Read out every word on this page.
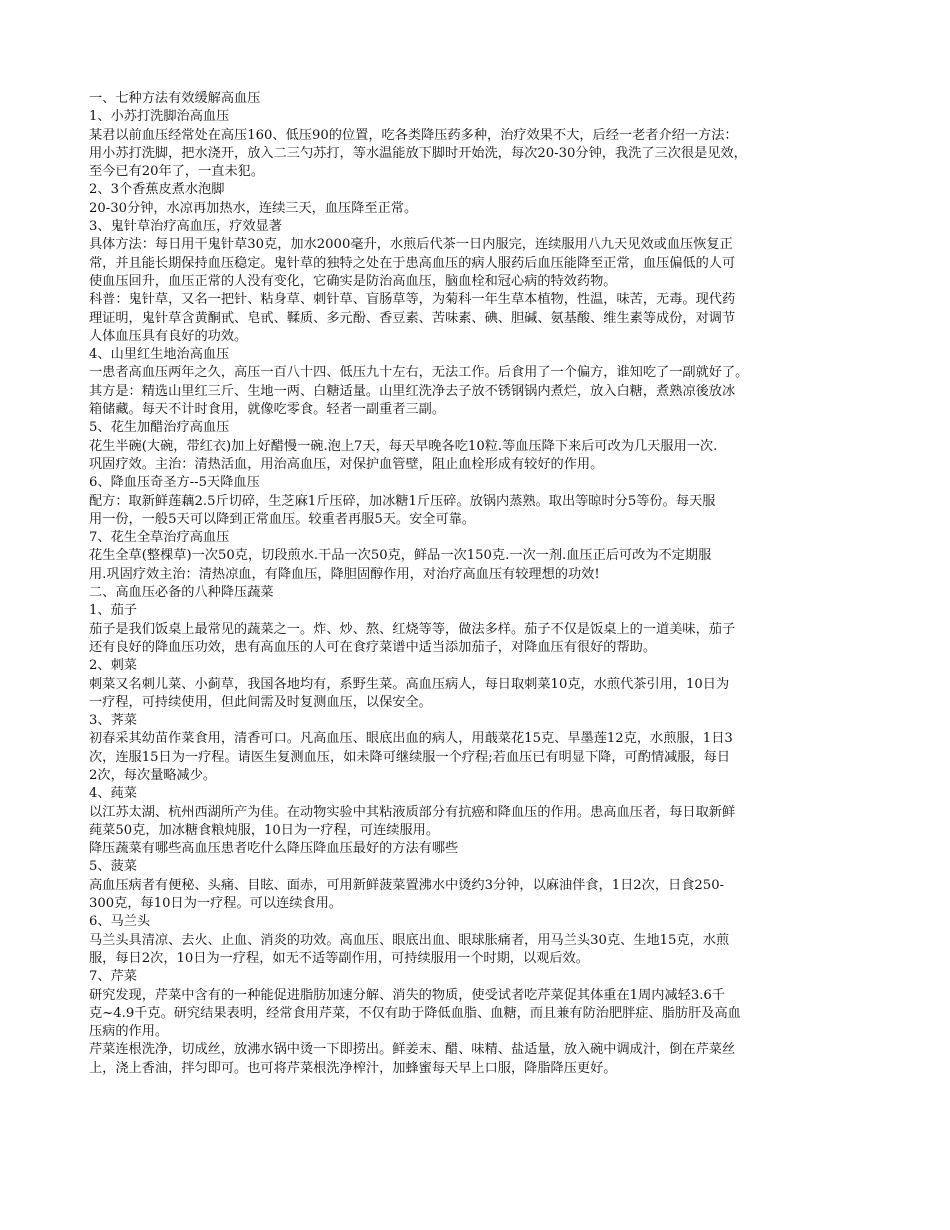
一、七种方法有效缓解高血压
1、小苏打洗脚治高血压
某君以前血压经常处在高压160、低压90的位置，吃各类降压药多种，治疗效果不大，后经一老者介绍一方法：
用小苏打洗脚，把水浇开，放入二三勺苏打，等水温能放下脚时开始洗，每次20-30分钟，我洗了三次很是见效，
至今已有20年了，一直未犯。
2、3个香蕉皮煮水泡脚
20-30分钟，水凉再加热水，连续三天，血压降至正常。
3、鬼针草治疗高血压，疗效显著
具体方法：每日用干鬼针草30克，加水2000毫升，水煎后代茶一日内服完，连续服用八九天见效或血压恢复正
常，并且能长期保持血压稳定。鬼针草的独特之处在于患高血压的病人服药后血压能降至正常，血压偏低的人可
使血压回升，血压正常的人没有变化，它确实是防治高血压，脑血栓和冠心病的特效药物。
科普：鬼针草，又名一把针、粘身草、刺针草、盲肠草等，为菊科一年生草本植物，性温，味苦，无毒。现代药
理证明，鬼针草含黄酮甙、皂甙、鞣质、多元酚、香豆素、苦味素、碘、胆碱、氨基酸、维生素等成份，对调节
人体血压具有良好的功效。
4、山里红生地治高血压
一患者高血压两年之久，高压一百八十四、低压九十左右，无法工作。后食用了一个偏方，谁知吃了一副就好了。
其方是：精选山里红三斤、生地一两、白糖适量。山里红洗净去子放不锈钢锅内煮烂，放入白糖，煮熟凉後放冰
箱储藏。每天不计时食用，就像吃零食。轻者一副重者三副。
5、花生加醋治疗高血压
花生半碗(大碗，带红衣)加上好醋慢一碗.泡上7天，每天早晚各吃10粒.等血压降下来后可改为几天服用一次.
巩固疗效。主治：清热活血，用治高血压，对保护血管壁，阻止血栓形成有较好的作用。
6、降血压奇圣方--5天降血压
配方：取新鲜莲藕2.5斤切碎，生芝麻1斤压碎，加冰糖1斤压碎。放锅内蒸熟。取出等晾时分5等份。每天服
用一份，一般5天可以降到正常血压。较重者再服5天。安全可靠。
7、花生全草治疗高血压
花生全草(整棵草)一次50克，切段煎水.干品一次50克，鲜品一次150克.一次一剂.血压正后可改为不定期服
用.巩固疗效主治：清热凉血，有降血压，降胆固醇作用，对治疗高血压有较理想的功效!
二、高血压必备的八种降压蔬菜
1、茄子
茄子是我们饭桌上最常见的蔬菜之一。炸、炒、熬、红烧等等，做法多样。茄子不仅是饭桌上的一道美味，茄子
还有良好的降血压功效，患有高血压的人可在食疗菜谱中适当添加茄子，对降血压有很好的帮助。
2、刺菜
刺菜又名刺儿菜、小蓟草，我国各地均有，系野生菜。高血压病人，每日取刺菜10克，水煎代茶引用，10日为
一疗程，可持续使用，但此间需及时复测血压，以保安全。
3、荠菜
初春采其幼苗作菜食用，清香可口。凡高血压、眼底出血的病人，用蕺菜花15克、旱墨莲12克，水煎服，1日3
次，连服15日为一疗程。请医生复测血压，如未降可继续服一个疗程;若血压已有明显下降，可酌情减服，每日
2次，每次量略减少。
4、莼菜
以江苏太湖、杭州西湖所产为佳。在动物实验中其粘液质部分有抗癌和降血压的作用。患高血压者，每日取新鲜
莼菜50克，加冰糖食粮炖服，10日为一疗程，可连续服用。
降压蔬菜有哪些高血压患者吃什么降压降血压最好的方法有哪些
5、菠菜
高血压病者有便秘、头痛、目眩、面赤，可用新鲜菠菜置沸水中烫约3分钟，以麻油伴食，1日2次，日食250-
300克，每10日为一疗程。可以连续食用。
6、马兰头
马兰头具清凉、去火、止血、消炎的功效。高血压、眼底出血、眼球胀痛者，用马兰头30克、生地15克，水煎
服，每日2次，10日为一疗程，如无不适等副作用，可持续服用一个时期，以观后效。
7、芹菜
研究发现，芹菜中含有的一种能促进脂肪加速分解、消失的物质，使受试者吃芹菜促其体重在1周内减轻3.6千
克~4.9千克。研究结果表明，经常食用芹菜，不仅有助于降低血脂、血糖，而且兼有防治肥胖症、脂肪肝及高血
压病的作用。
芹菜连根洗净，切成丝，放沸水锅中烫一下即捞出。鲜姜末、醋、味精、盐适量，放入碗中调成汁，倒在芹菜丝
上，浇上香油，拌匀即可。也可将芹菜根洗净榨汁，加蜂蜜每天早上口服，降脂降压更好。
